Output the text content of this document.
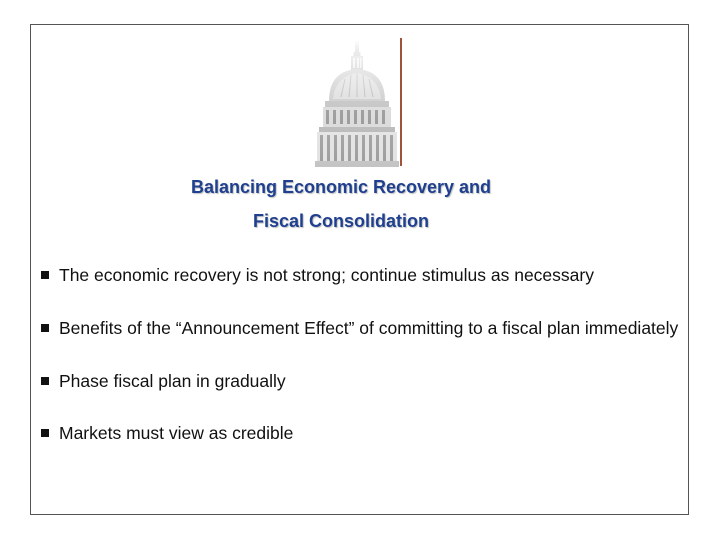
Balancing Economic Recovery and
Fiscal Consolidation
The economic recovery is not strong; continue stimulus as necessary
Benefits of the “Announcement Effect” of committing to a fiscal plan immediately
Phase fiscal plan in gradually
Markets must view as credible
